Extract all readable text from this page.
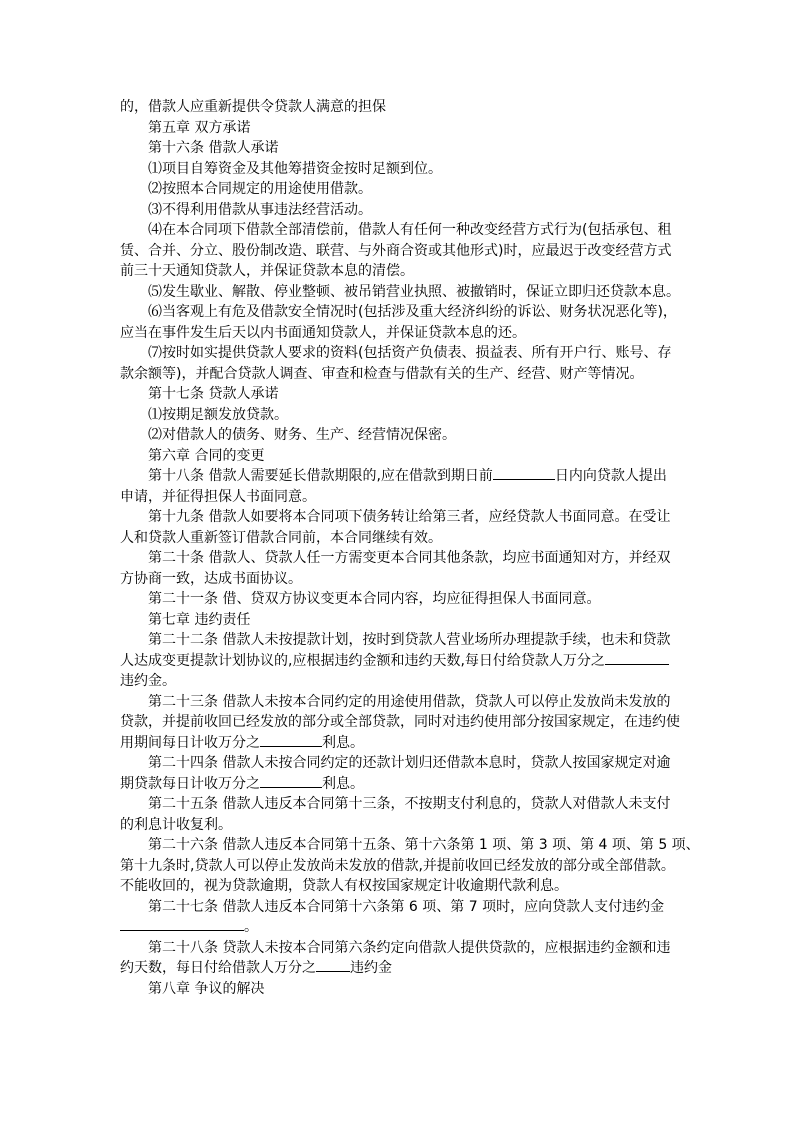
的，借款人应重新提供令贷款人满意的担保
第五章 双方承诺
第十六条 借款人承诺
⑴项目自筹资金及其他筹措资金按时足额到位。
⑵按照本合同规定的用途使用借款。
⑶不得利用借款从事违法经营活动。
⑷在本合同项下借款全部清偿前，借款人有任何一种改变经营方式行为(包括承包、租
赁、合并、分立、股份制改造、联营、与外商合资或其他形式)时，应最迟于改变经营方式
前三十天通知贷款人，并保证贷款本息的清偿。
⑸发生歇业、解散、停业整顿、被吊销营业执照、被撤销时，保证立即归还贷款本息。
⑹当客观上有危及借款安全情况时(包括涉及重大经济纠纷的诉讼、财务状况恶化等)，
应当在事件发生后天以内书面通知贷款人，并保证贷款本息的还。
⑺按时如实提供贷款人要求的资料(包括资产负债表、损益表、所有开户行、账号、存
款余额等)，并配合贷款人调查、审查和检查与借款有关的生产、经营、财产等情况。
第十七条 贷款人承诺
⑴按期足额发放贷款。
⑵对借款人的债务、财务、生产、经营情况保密。
第六章 合同的变更
第十八条 借款人需要延长借款期限的,应在借款到期日前	日内向贷款人提出
申请，并征得担保人书面同意。
第十九条 借款人如要将本合同项下债务转让给第三者，应经贷款人书面同意。在受让
人和贷款人重新签订借款合同前，本合同继续有效。
第二十条 借款人、贷款人任一方需变更本合同其他条款，均应书面通知对方，并经双
方协商一致，达成书面协议。
第二十一条 借、贷双方协议变更本合同内容，均应征得担保人书面同意。
第七章 违约责任
第二十二条 借款人未按提款计划，按时到贷款人营业场所办理提款手续，也未和贷款
人达成变更提款计划协议的,应根据违约金额和违约天数,每日付给贷款人万分之
违约金。
第二十三条 借款人未按本合同约定的用途使用借款，贷款人可以停止发放尚未发放的
贷款，并提前收回已经发放的部分或全部贷款，同时对违约使用部分按国家规定，在违约使
用期间每日计收万分之	利息。
第二十四条 借款人未按合同约定的还款计划归还借款本息时，贷款人按国家规定对逾
期贷款每日计收万分之	利息。
第二十五条 借款人违反本合同第十三条，不按期支付利息的，贷款人对借款人未支付
的利息计收复利。
第二十六条 借款人违反本合同第十五条、第十六条第 1 项、第 3 项、第 4 项、第 5 项、
第十九条时,贷款人可以停止发放尚未发放的借款,并提前收回已经发放的部分或全部借款。
不能收回的，视为贷款逾期，贷款人有权按国家规定计收逾期代款利息。
第二十七条 借款人违反本合同第十六条第 6 项、第 7 项时，应向贷款人支付违约金
。
第二十八条 贷款人未按本合同第六条约定向借款人提供贷款的，应根据违约金额和违
约天数，每日付给借款人万分之 违约金
第八章 争议的解决
